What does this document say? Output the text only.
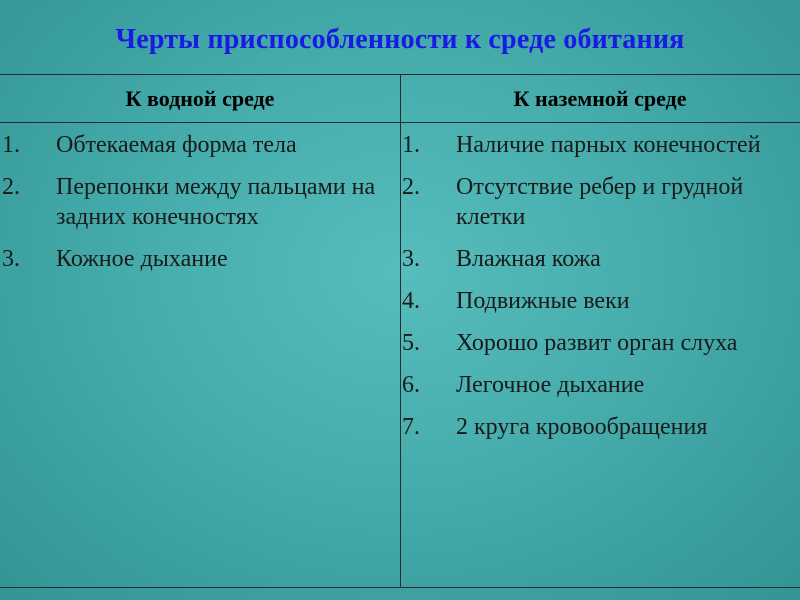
Черты приспособленности к среде обитания
К водной среде	К наземной среде
1. Обтекаемая форма тела
2. Перепонки между пальцами на задних конечностях
3. Кожное дыхание
1. Наличие парных конечностей
2. Отсутствие ребер и грудной клетки
3. Влажная кожа
4. Подвижные веки
5. Хорошо развит орган слуха
6. Легочное дыхание
7. 2 круга кровообращения
